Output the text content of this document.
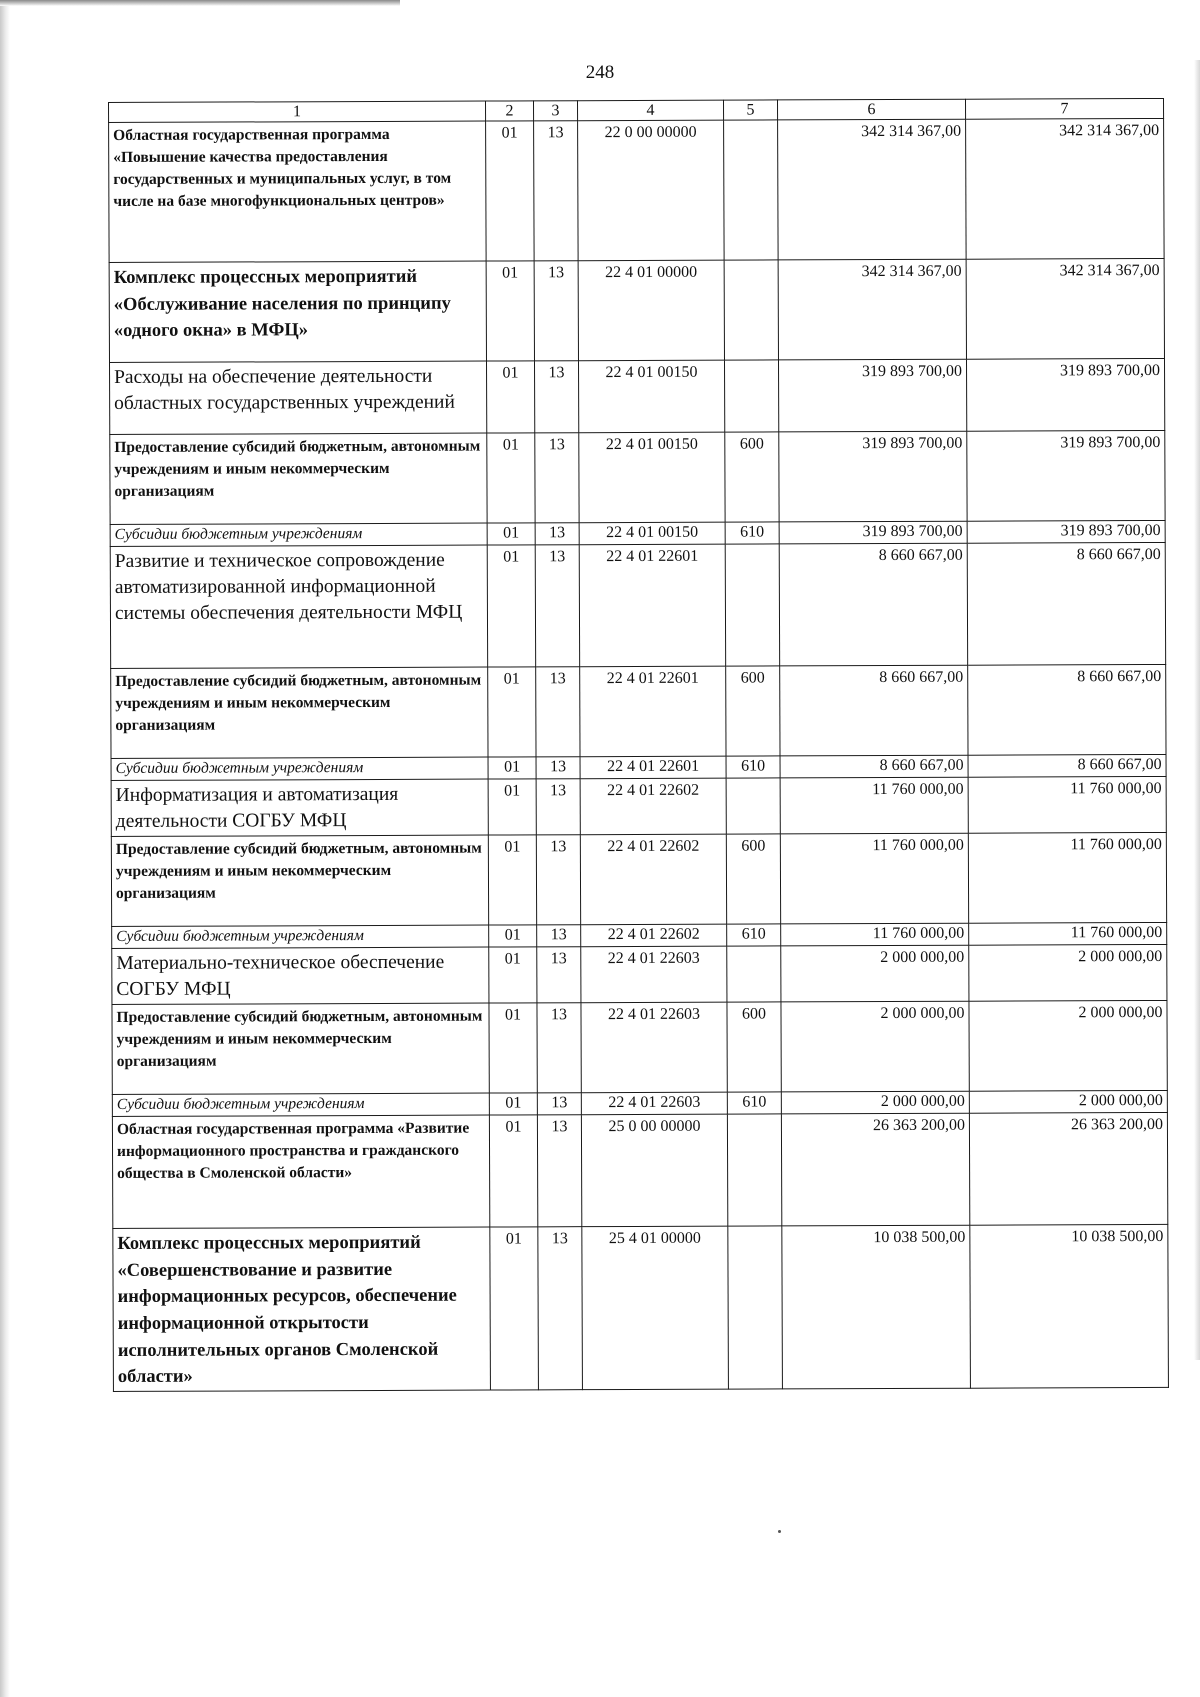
248
1	2	3	4	5	6	7
Областная государственная программа «Повышение качества предоставления государственных и муниципальных услуг, в том числе на базе многофункциональных центров»	01	13	22 0 00 00000		342 314 367,00	342 314 367,00
Комплекс процессных мероприятий «Обслуживание населения по принципу «одного окна» в МФЦ»	01	13	22 4 01 00000		342 314 367,00	342 314 367,00
Расходы на обеспечение деятельности областных государственных учреждений	01	13	22 4 01 00150		319 893 700,00	319 893 700,00
Предоставление субсидий бюджетным, автономным учреждениям и иным некоммерческим организациям	01	13	22 4 01 00150	600	319 893 700,00	319 893 700,00
Субсидии бюджетным учреждениям	01	13	22 4 01 00150	610	319 893 700,00	319 893 700,00
Развитие и техническое сопровождение автоматизированной информационной системы обеспечения деятельности МФЦ	01	13	22 4 01 22601		8 660 667,00	8 660 667,00
Предоставление субсидий бюджетным, автономным учреждениям и иным некоммерческим организациям	01	13	22 4 01 22601	600	8 660 667,00	8 660 667,00
Субсидии бюджетным учреждениям	01	13	22 4 01 22601	610	8 660 667,00	8 660 667,00
Информатизация и автоматизация деятельности СОГБУ МФЦ	01	13	22 4 01 22602		11 760 000,00	11 760 000,00
Предоставление субсидий бюджетным, автономным учреждениям и иным некоммерческим организациям	01	13	22 4 01 22602	600	11 760 000,00	11 760 000,00
Субсидии бюджетным учреждениям	01	13	22 4 01 22602	610	11 760 000,00	11 760 000,00
Материально-техническое обеспечение СОГБУ МФЦ	01	13	22 4 01 22603		2 000 000,00	2 000 000,00
Предоставление субсидий бюджетным, автономным учреждениям и иным некоммерческим организациям	01	13	22 4 01 22603	600	2 000 000,00	2 000 000,00
Субсидии бюджетным учреждениям	01	13	22 4 01 22603	610	2 000 000,00	2 000 000,00
Областная государственная программа «Развитие информационного пространства и гражданского общества в Смоленской области»	01	13	25 0 00 00000		26 363 200,00	26 363 200,00
Комплекс процессных мероприятий «Совершенствование и развитие информационных ресурсов, обеспечение информационной открытости исполнительных органов Смоленской области»	01	13	25 4 01 00000		10 038 500,00	10 038 500,00
